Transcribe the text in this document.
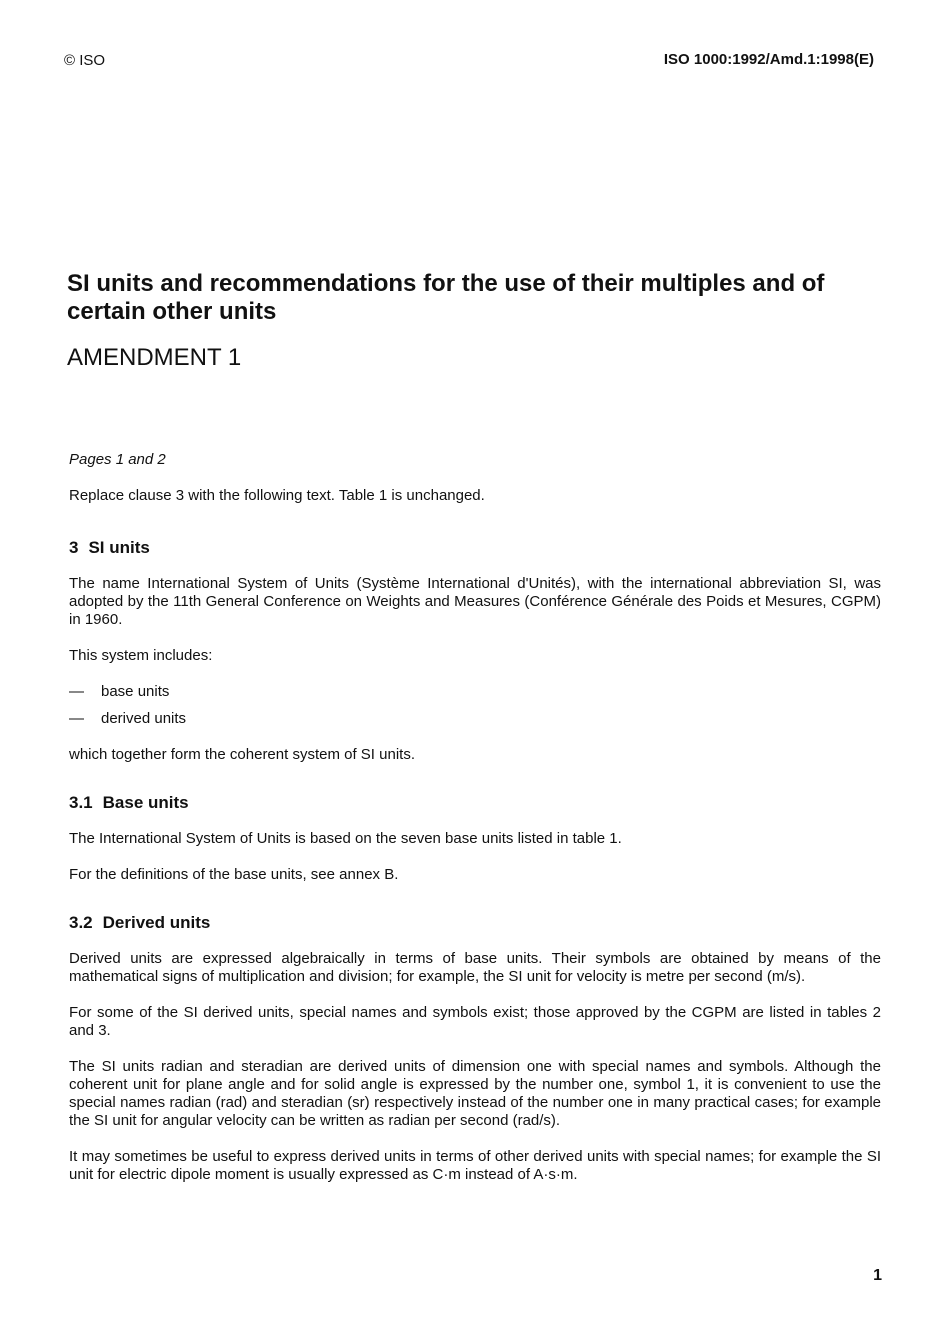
© ISO	ISO 1000:1992/Amd.1:1998(E)
SI units and recommendations for the use of their multiples and of certain other units
AMENDMENT 1

Pages 1 and 2

Replace clause 3 with the following text. Table 1 is unchanged.

3 SI units

The name International System of Units (Système International d'Unités), with the international abbreviation SI, was adopted by the 11th General Conference on Weights and Measures (Conférence Générale des Poids et Mesures, CGPM) in 1960.

This system includes:

—	base units
—	derived units

which together form the coherent system of SI units.

3.1 Base units

The International System of Units is based on the seven base units listed in table 1.

For the definitions of the base units, see annex B.

3.2 Derived units

Derived units are expressed algebraically in terms of base units. Their symbols are obtained by means of the mathematical signs of multiplication and division; for example, the SI unit for velocity is metre per second (m/s).

For some of the SI derived units, special names and symbols exist; those approved by the CGPM are listed in tables 2 and 3.

The SI units radian and steradian are derived units of dimension one with special names and symbols. Although the coherent unit for plane angle and for solid angle is expressed by the number one, symbol 1, it is convenient to use the special names radian (rad) and steradian (sr) respectively instead of the number one in many practical cases; for example the SI unit for angular velocity can be written as radian per second (rad/s).

It may sometimes be useful to express derived units in terms of other derived units with special names; for example the SI unit for electric dipole moment is usually expressed as C·m instead of A·s·m.

1
